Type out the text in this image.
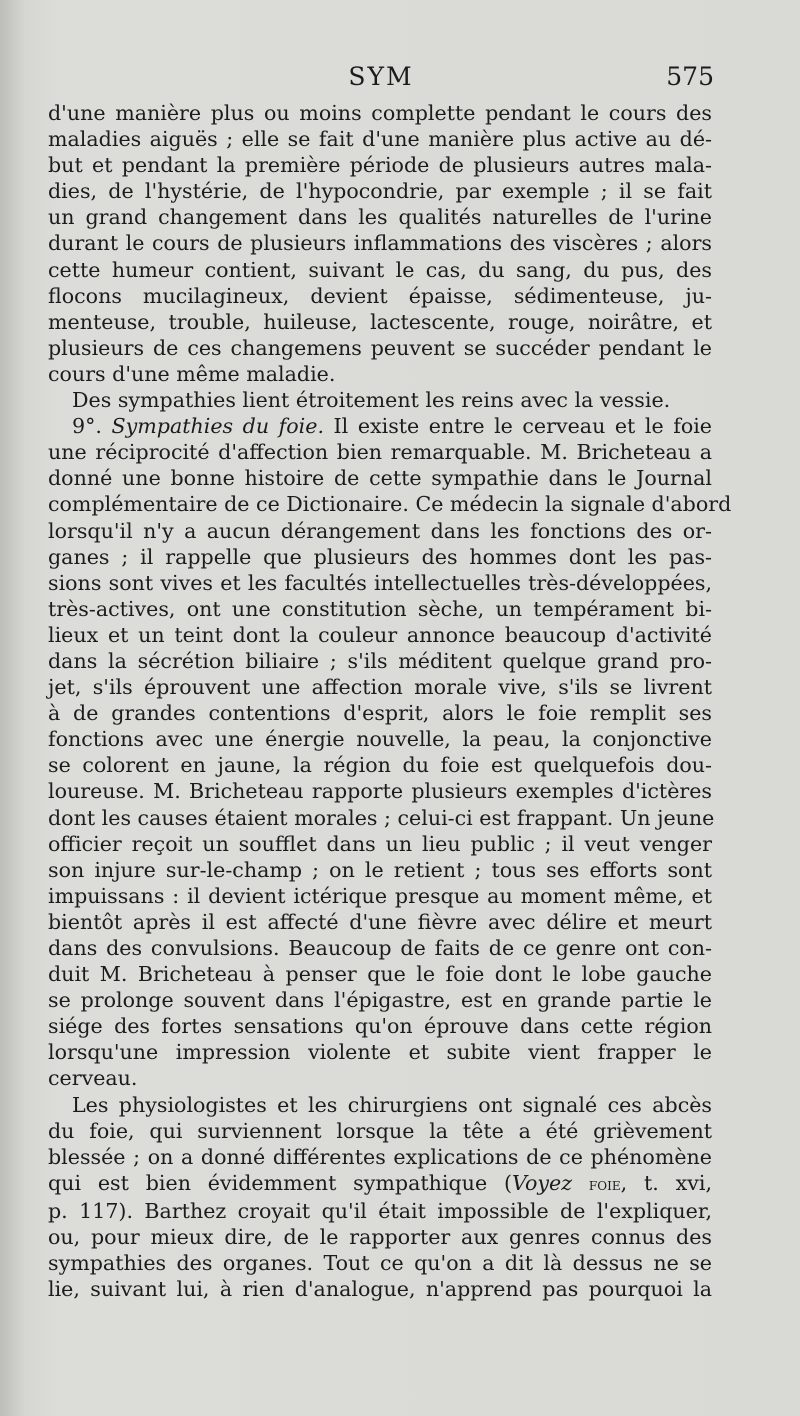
SYM	575
d'une manière plus ou moins complette pendant le cours des
maladies aiguës ; elle se fait d'une manière plus active au dé-
but et pendant la première période de plusieurs autres mala-
dies, de l'hystérie, de l'hypocondrie, par exemple ; il se fait
un grand changement dans les qualités naturelles de l'urine
durant le cours de plusieurs inflammations des viscères ; alors
cette humeur contient, suivant le cas, du sang, du pus, des
flocons mucilagineux, devient épaisse, sédimenteuse, ju-
menteuse, trouble, huileuse, lactescente, rouge, noirâtre, et
plusieurs de ces changemens peuvent se succéder pendant le
cours d'une même maladie.
Des sympathies lient étroitement les reins avec la vessie.
9°. Sympathies du foie. Il existe entre le cerveau et le foie
une réciprocité d'affection bien remarquable. M. Bricheteau a
donné une bonne histoire de cette sympathie dans le Journal
complémentaire de ce Dictionaire. Ce médecin la signale d'abord
lorsqu'il n'y a aucun dérangement dans les fonctions des or-
ganes ; il rappelle que plusieurs des hommes dont les pas-
sions sont vives et les facultés intellectuelles très-développées,
très-actives, ont une constitution sèche, un tempérament bi-
lieux et un teint dont la couleur annonce beaucoup d'activité
dans la sécrétion biliaire ; s'ils méditent quelque grand pro-
jet, s'ils éprouvent une affection morale vive, s'ils se livrent
à de grandes contentions d'esprit, alors le foie remplit ses
fonctions avec une énergie nouvelle, la peau, la conjonctive
se colorent en jaune, la région du foie est quelquefois dou-
loureuse. M. Bricheteau rapporte plusieurs exemples d'ictères
dont les causes étaient morales ; celui-ci est frappant. Un jeune
officier reçoit un soufflet dans un lieu public ; il veut venger
son injure sur-le-champ ; on le retient ; tous ses efforts sont
impuissans : il devient ictérique presque au moment même, et
bientôt après il est affecté d'une fièvre avec délire et meurt
dans des convulsions. Beaucoup de faits de ce genre ont con-
duit M. Bricheteau à penser que le foie dont le lobe gauche
se prolonge souvent dans l'épigastre, est en grande partie le
siége des fortes sensations qu'on éprouve dans cette région
lorsqu'une impression violente et subite vient frapper le
cerveau.
Les physiologistes et les chirurgiens ont signalé ces abcès
du foie, qui surviennent lorsque la tête a été grièvement
blessée ; on a donné différentes explications de ce phénomène
qui est bien évidemment sympathique (Voyez foie, t. xvi,
p. 117). Barthez croyait qu'il était impossible de l'expliquer,
ou, pour mieux dire, de le rapporter aux genres connus des
sympathies des organes. Tout ce qu'on a dit là dessus ne se
lie, suivant lui, à rien d'analogue, n'apprend pas pourquoi la
